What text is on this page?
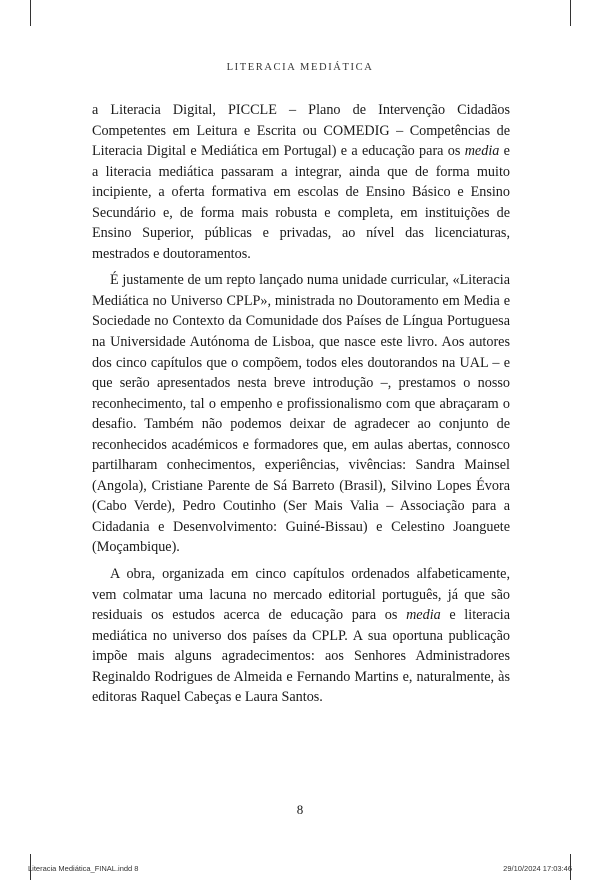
LITERACIA MEDIÁTICA

a Literacia Digital, PICCLE – Plano de Intervenção Cidadãos Competentes em Leitura e Escrita ou COMEDIG – Competências de Literacia Digital e Mediática em Portugal) e a educação para os media e a literacia mediática passaram a integrar, ainda que de forma muito incipiente, a oferta formativa em escolas de Ensino Básico e Ensino Secundário e, de forma mais robusta e completa, em instituições de Ensino Superior, públicas e privadas, ao nível das licenciaturas, mestrados e doutoramentos.

É justamente de um repto lançado numa unidade curricular, «Literacia Mediática no Universo CPLP», ministrada no Doutoramento em Media e Sociedade no Contexto da Comunidade dos Países de Língua Portuguesa na Universidade Autónoma de Lisboa, que nasce este livro. Aos autores dos cinco capítulos que o compõem, todos eles doutorandos na UAL – e que serão apresentados nesta breve introdução –, prestamos o nosso reconhecimento, tal o empenho e profissionalismo com que abraçaram o desafio. Também não podemos deixar de agradecer ao conjunto de reconhecidos académicos e formadores que, em aulas abertas, connosco partilharam conhecimentos, experiências, vivências: Sandra Mainsel (Angola), Cristiane Parente de Sá Barreto (Brasil), Silvino Lopes Évora (Cabo Verde), Pedro Coutinho (Ser Mais Valia – Associação para a Cidadania e Desenvolvimento: Guiné-Bissau) e Celestino Joanguete (Moçambique).

A obra, organizada em cinco capítulos ordenados alfabeticamente, vem colmatar uma lacuna no mercado editorial português, já que são residuais os estudos acerca de educação para os media e literacia mediática no universo dos países da CPLP. A sua oportuna publicação impõe mais alguns agradecimentos: aos Senhores Administradores Reginaldo Rodrigues de Almeida e Fernando Martins e, naturalmente, às editoras Raquel Cabeças e Laura Santos.

8
Literacia Mediática_FINAL.indd 8	29/10/2024 17:03:46
